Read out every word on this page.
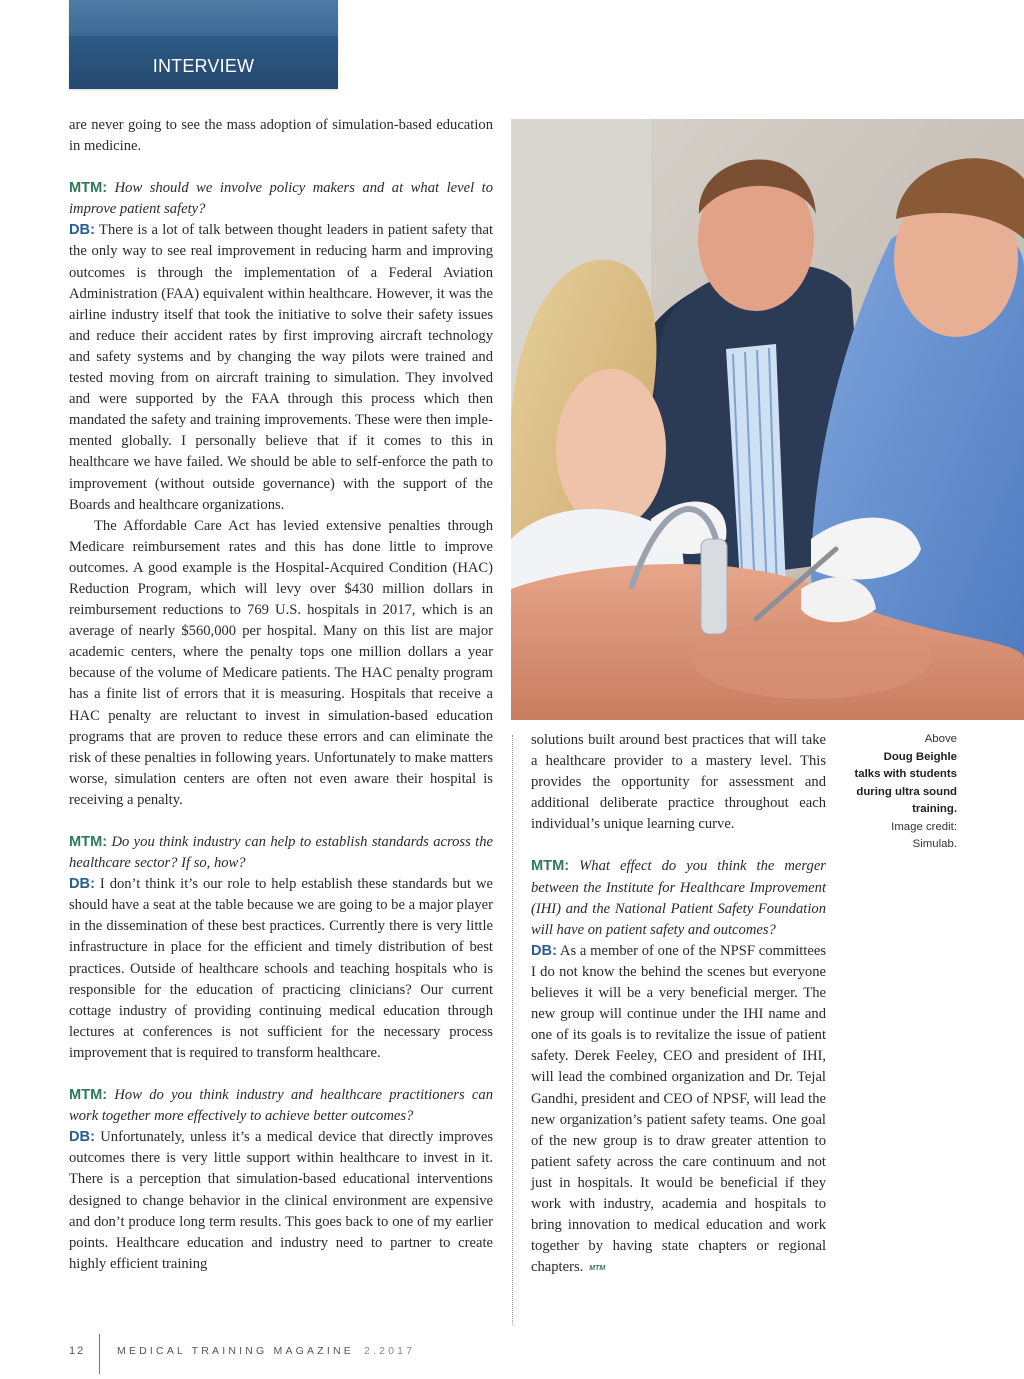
INTERVIEW

are never going to see the mass adoption of simulation-based education in medicine.

MTM: How should we involve policy makers and at what level to improve patient safety?

DB: There is a lot of talk between thought leaders in patient safety that the only way to see real improvement in reducing harm and improving outcomes is through the implementation of a Federal Aviation Administration (FAA) equivalent within healthcare. However, it was the airline industry itself that took the initiative to solve their safety issues and reduce their accident rates by first improving aircraft technology and safety systems and by changing the way pilots were trained and tested moving from on aircraft training to simulation. They involved and were supported by the FAA through this process which then mandated the safety and training improvements. These were then implemented globally. I personally believe that if it comes to this in healthcare we have failed. We should be able to self-enforce the path to improvement (without outside governance) with the support of the Boards and healthcare organizations.

The Affordable Care Act has levied extensive penalties through Medicare reimbursement rates and this has done little to improve outcomes. A good example is the Hospital-Acquired Condition (HAC) Reduction Program, which will levy over $430 million dollars in reimbursement reductions to 769 U.S. hospitals in 2017, which is an average of nearly $560,000 per hospital. Many on this list are major academic centers, where the penalty tops one million dollars a year because of the volume of Medicare patients. The HAC penalty program has a finite list of errors that it is measuring. Hospitals that receive a HAC penalty are reluctant to invest in simulation-based education programs that are proven to reduce these errors and can eliminate the risk of these penalties in following years. Unfortunately to make matters worse, simulation centers are often not even aware their hospital is receiving a penalty.

MTM: Do you think industry can help to establish standards across the healthcare sector? If so, how?

DB: I don’t think it’s our role to help establish these standards but we should have a seat at the table because we are going to be a major player in the dissemination of these best practices. Currently there is very little infrastructure in place for the efficient and timely distribution of best practices. Outside of healthcare schools and teaching hospitals who is responsible for the education of practicing clinicians? Our current cottage industry of providing continuing medical education through lectures at conferences is not sufficient for the necessary process improvement that is required to transform healthcare.

MTM: How do you think industry and healthcare practitioners can work together more effectively to achieve better outcomes?

DB: Unfortunately, unless it’s a medical device that directly improves outcomes there is very little support within healthcare to invest in it. There is a perception that simulation-based educational interventions designed to change behavior in the clinical environment are expensive and don’t produce long term results. This goes back to one of my earlier points. Healthcare education and industry need to partner to create highly efficient training

solutions built around best practices that will take a healthcare provider to a mastery level. This provides the opportunity for assessment and additional deliberate practice throughout each individual’s unique learning curve.

MTM: What effect do you think the merger between the Institute for Healthcare Improvement (IHI) and the National Patient Safety Foundation will have on patient safety and outcomes?

DB: As a member of one of the NPSF committees I do not know the behind the scenes but everyone believes it will be a very beneficial merger. The new group will continue under the IHI name and one of its goals is to revitalize the issue of patient safety. Derek Feeley, CEO and president of IHI, will lead the combined organization and Dr. Tejal Gandhi, president and CEO of NPSF, will lead the new organization’s patient safety teams. One goal of the new group is to draw greater attention to patient safety across the care continuum and not just in hospitals. It would be beneficial if they work with industry, academia and hospitals to bring innovation to medical education and work together by having state chapters or regional chapters. MTM

Above
Doug Beighle
talks with students during ultra sound training.
Image credit: Simulab.
12	MEDICAL TRAINING MAGAZINE 2.2017
